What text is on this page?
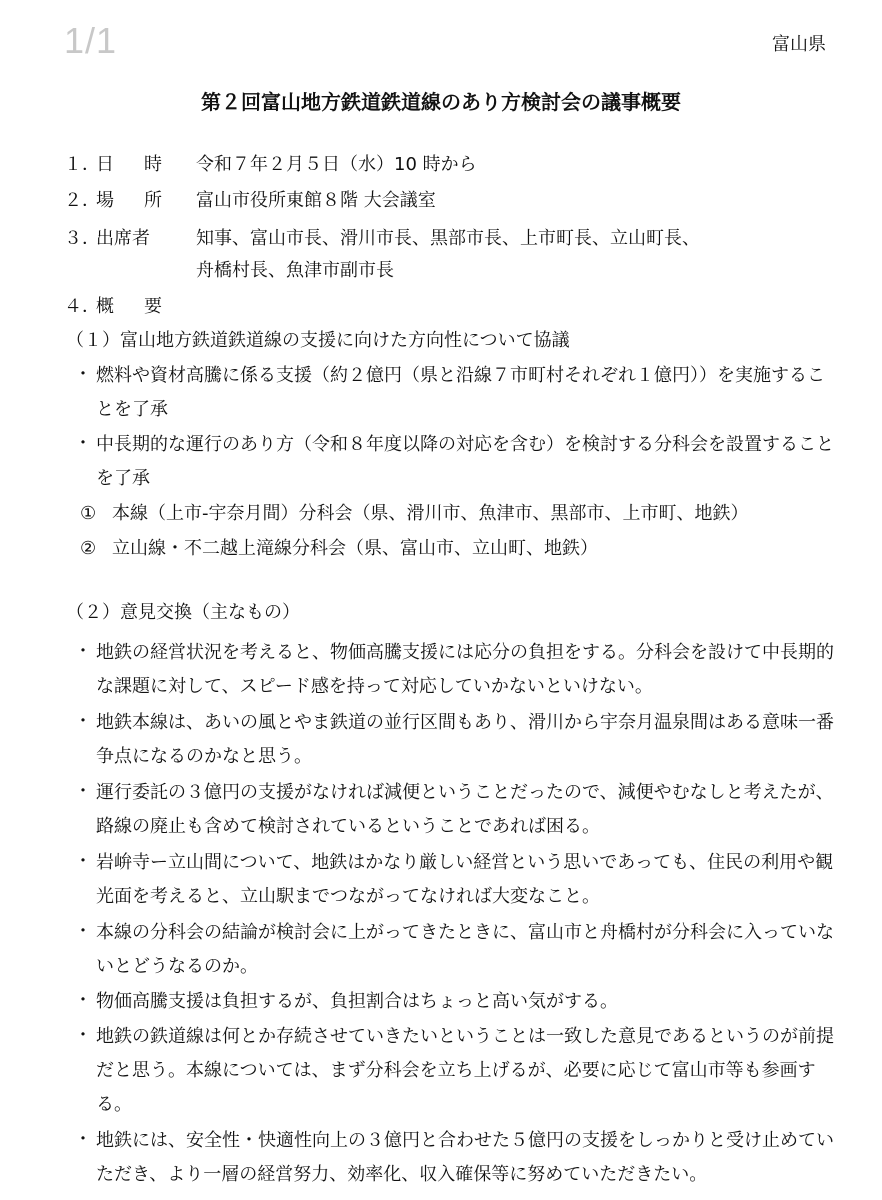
1/1	富山県
第２回富山地方鉄道鉄道線のあり方検討会の議事概要
１．
日　時 令和７年２月５日（水）10 時から
２．
場　所 富山市役所東館８階 大会議室
３．
出席者	知事、富山市長、滑川市長、黒部市長、上市町長、立山町長、
舟橋村長、魚津市副市長
４．
概　要
（１）富山地方鉄道鉄道線の支援に向けた方向性について協議
・ 燃料や資材高騰に係る支援（約２億円（県と沿線７市町村それぞれ１億円））を実施することを了承
・ 中長期的な運行のあり方（令和８年度以降の対応を含む）を検討する分科会を設置することを了承
① 本線（上市-宇奈月間）分科会（県、滑川市、魚津市、黒部市、上市町、地鉄）
② 立山線・不二越上滝線分科会（県、富山市、立山町、地鉄）
（２）意見交換（主なもの）
・ 地鉄の経営状況を考えると、物価高騰支援には応分の負担をする。分科会を設けて中長期的な課題に対して、スピード感を持って対応していかないといけない。
・ 地鉄本線は、あいの風とやま鉄道の並行区間もあり、滑川から宇奈月温泉間はある意味一番争点になるのかなと思う。
・ 運行委託の３億円の支援がなければ減便ということだったので、減便やむなしと考えたが、路線の廃止も含めて検討されているということであれば困る。
・ 岩峅寺ー立山間について、地鉄はかなり厳しい経営という思いであっても、住民の利用や観光面を考えると、立山駅までつながってなければ大変なこと。
・ 本線の分科会の結論が検討会に上がってきたときに、富山市と舟橋村が分科会に入っていないとどうなるのか。
・ 物価高騰支援は負担するが、負担割合はちょっと高い気がする。
・ 地鉄の鉄道線は何とか存続させていきたいということは一致した意見であるというのが前提だと思う。本線については、まず分科会を立ち上げるが、必要に応じて富山市等も参画する。
・ 地鉄には、安全性・快適性向上の３億円と合わせた５億円の支援をしっかりと受け止めていただき、より一層の経営努力、効率化、収入確保等に努めていただきたい。
